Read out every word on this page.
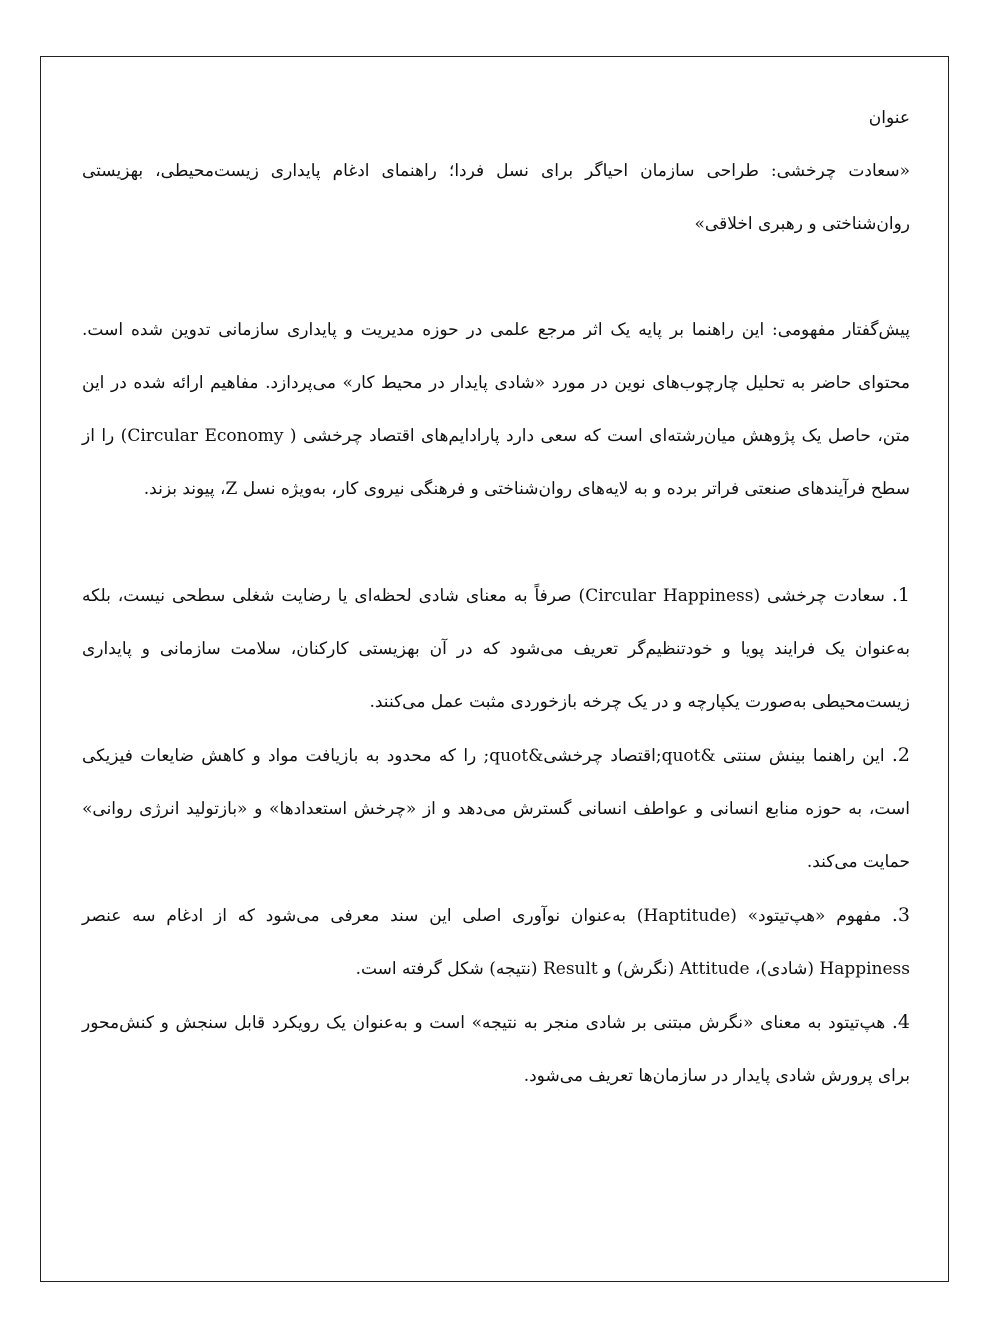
عنوان

«سعادت چرخشی: طراحی سازمان احیاگر برای نسل فردا؛ راهنمای ادغام پایداری زیست‌محیطی، بهزیستی روان‌شناختی و رهبری اخلاقی»

پیش‌گفتار مفهومی: این راهنما بر پایه یک اثر مرجع علمی در حوزه مدیریت و پایداری سازمانی تدوین شده است. محتوای حاضر به تحلیل چارچوب‌های نوین در مورد «شادی پایدار در محیط کار» می‌پردازد. مفاهیم ارائه شده در این متن، حاصل یک پژوهش میان‌رشته‌ای است که سعی دارد پارادایم‌های اقتصاد چرخشی ( Circular Economy) را از سطح فرآیندهای صنعتی فراتر برده و به لایه‌های روان‌شناختی و فرهنگی نیروی کار، به‌ویژه نسل Z، پیوند بزند.

1. سعادت چرخشی (Circular Happiness) صرفاً به معنای شادی لحظه‌ای یا رضایت شغلی سطحی نیست، بلکه به‌عنوان یک فرایند پویا و خودتنظیم‌گر تعریف می‌شود که در آن بهزیستی کارکنان، سلامت سازمانی و پایداری زیست‌محیطی به‌صورت یکپارچه و در یک چرخه بازخوردی مثبت عمل می‌کنند.

2. این راهنما بینش سنتی &quot;اقتصاد چرخشی&quot; را که محدود به بازیافت مواد و کاهش ضایعات فیزیکی است، به حوزه منابع انسانی و عواطف انسانی گسترش می‌دهد و از «چرخش استعدادها» و «بازتولید انرژی روانی» حمایت می‌کند.

3. مفهوم «هپ‌تیتود» (Haptitude) به‌عنوان نوآوری اصلی این سند معرفی می‌شود که از ادغام سه عنصر Happiness (شادی)، Attitude (نگرش) و Result (نتیجه) شکل گرفته است.

4. هپ‌تیتود به معنای «نگرش مبتنی بر شادی منجر به نتیجه» است و به‌عنوان یک رویکرد قابل سنجش و کنش‌محور برای پرورش شادی پایدار در سازمان‌ها تعریف می‌شود.
